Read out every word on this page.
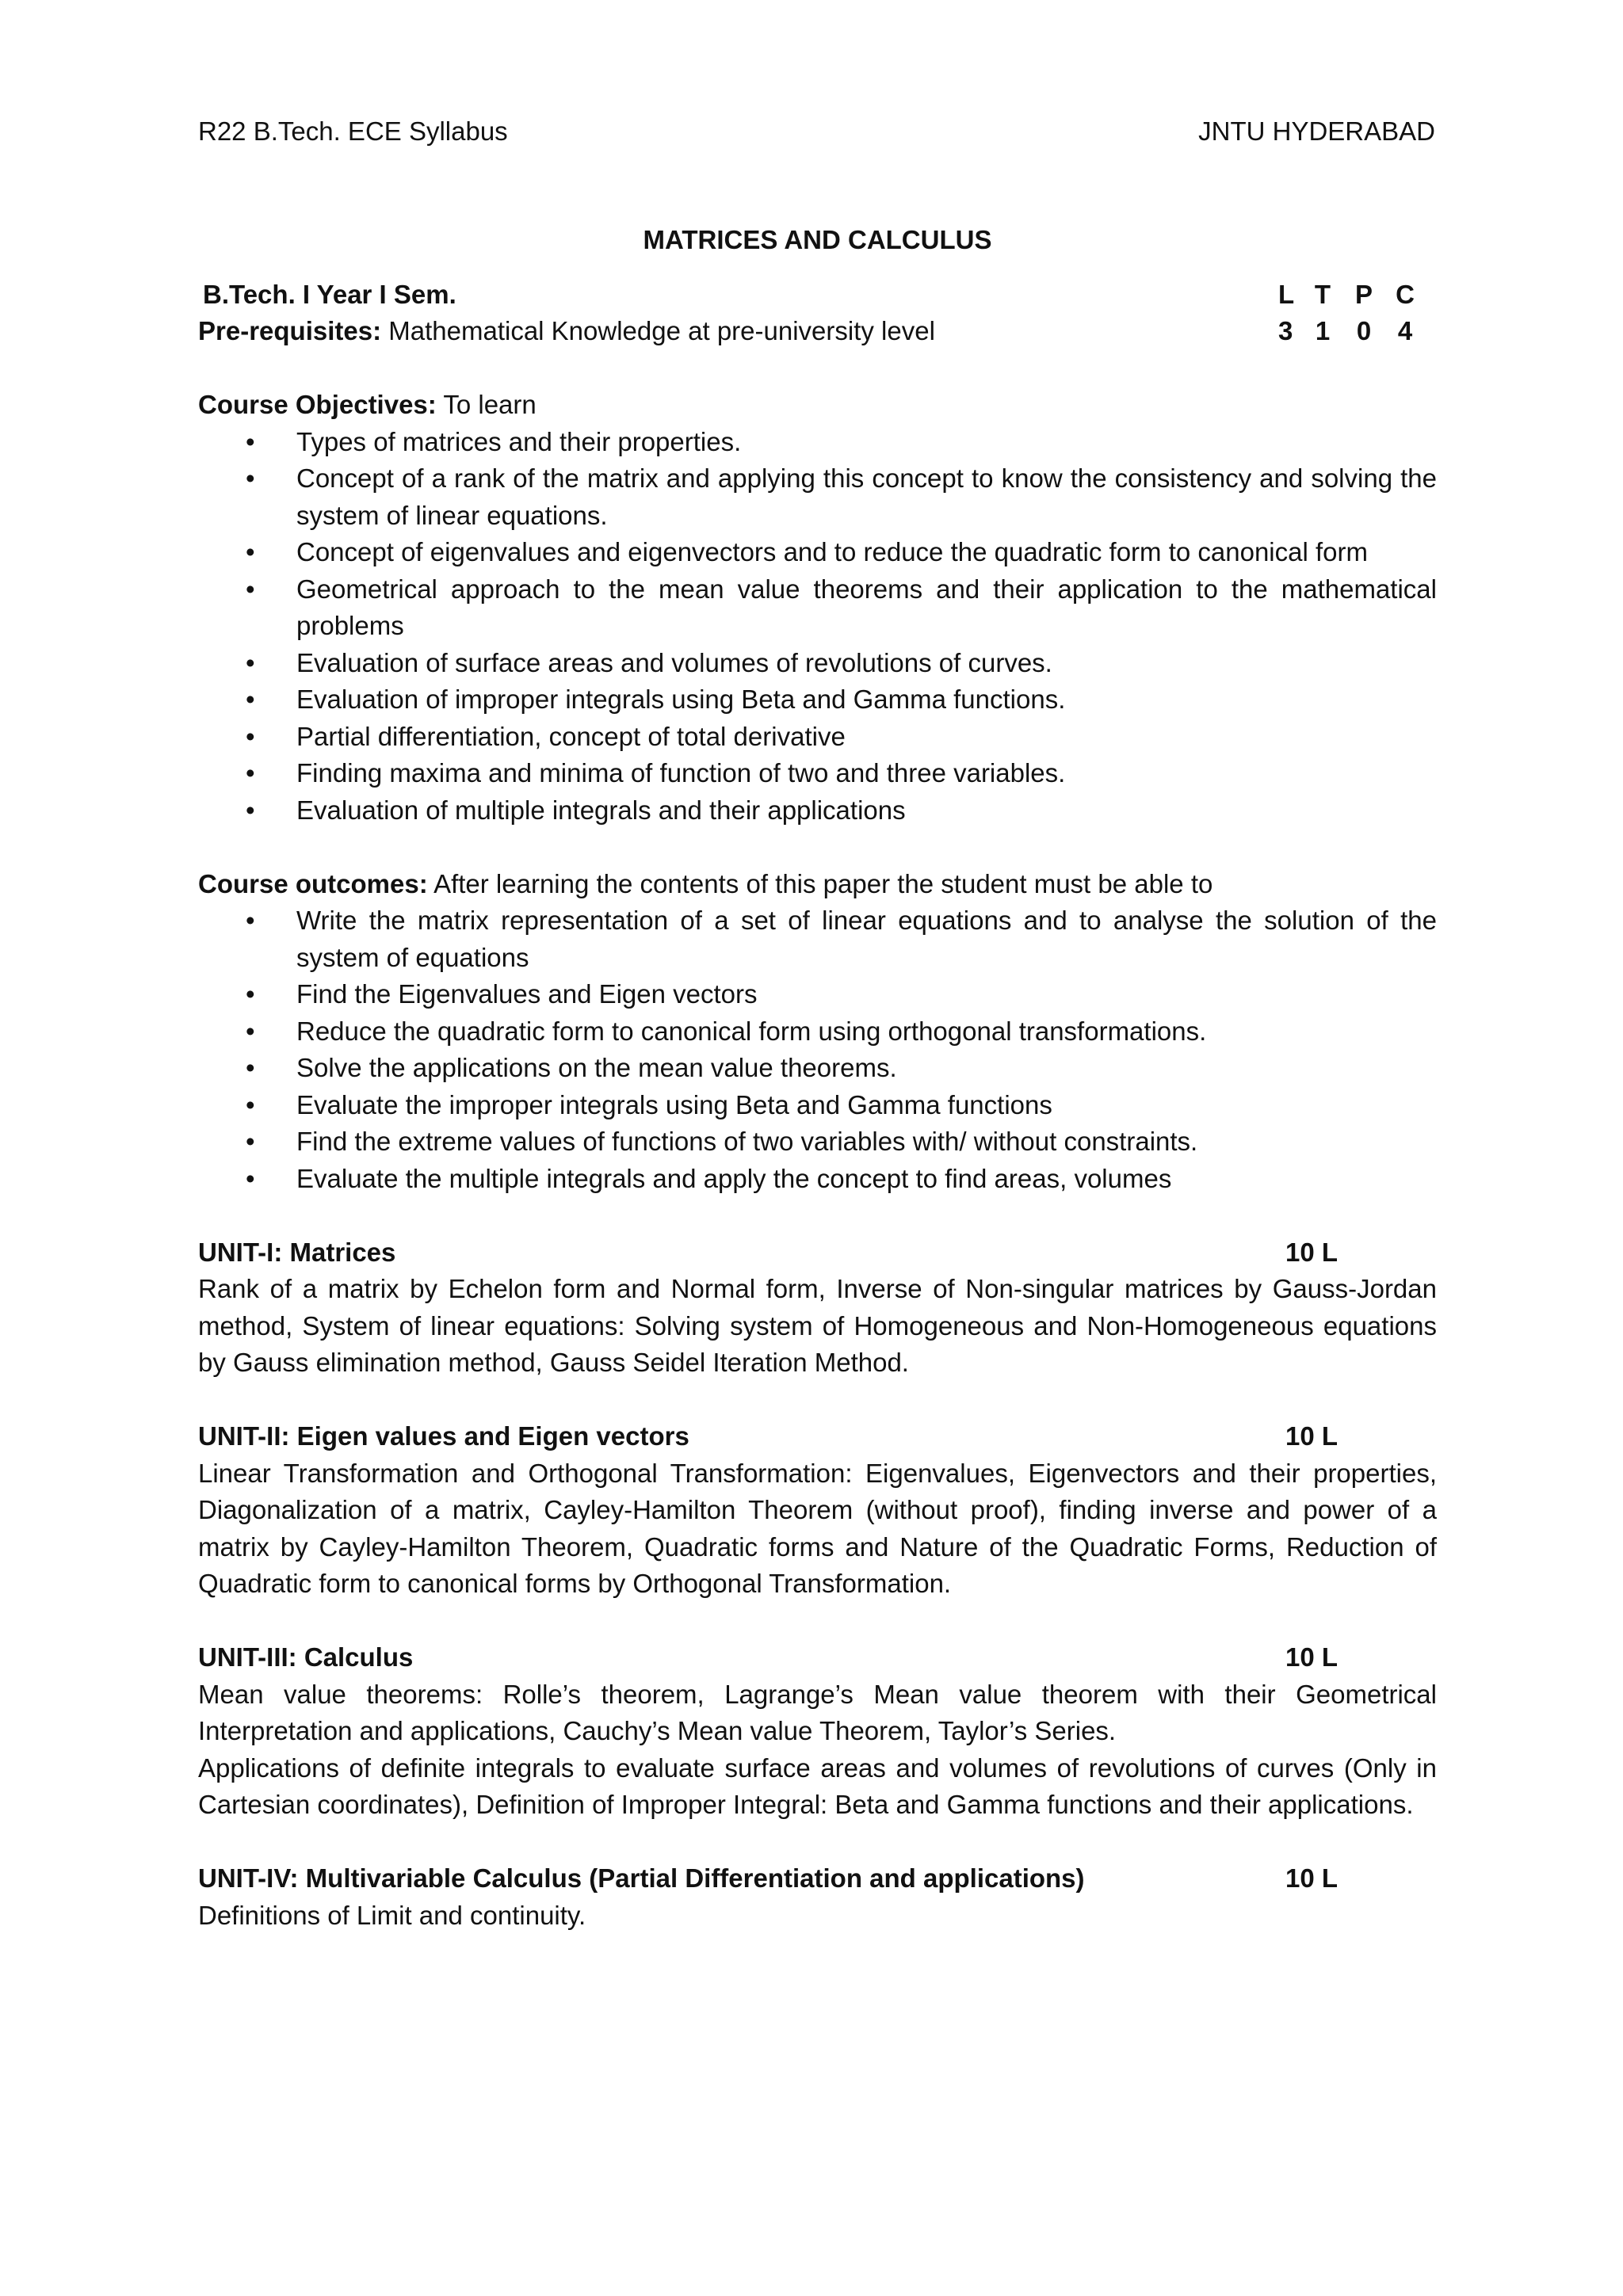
R22 B.Tech. ECE Syllabus	JNTU HYDERABAD
MATRICES AND CALCULUS
B.Tech. I Year I Sem.	L T P C
3 1	0	4
Pre-requisites: Mathematical Knowledge at pre-university level
Course Objectives: To learn
• Types of matrices and their properties.
• Concept of a rank of the matrix and applying this concept to know the consistency and solving the system of linear equations.
• Concept of eigenvalues and eigenvectors and to reduce the quadratic form to canonical form
• Geometrical approach to the mean value theorems and their application to the mathematical problems
• Evaluation of surface areas and volumes of revolutions of curves.
• Evaluation of improper integrals using Beta and Gamma functions.
• Partial differentiation, concept of total derivative
• Finding maxima and minima of function of two and three variables.
• Evaluation of multiple integrals and their applications
Course outcomes: After learning the contents of this paper the student must be able to
• Write the matrix representation of a set of linear equations and to analyse the solution of the system of equations
• Find the Eigenvalues and Eigen vectors
• Reduce the quadratic form to canonical form using orthogonal transformations.
• Solve the applications on the mean value theorems.
• Evaluate the improper integrals using Beta and Gamma functions
• Find the extreme values of functions of two variables with/ without constraints.
• Evaluate the multiple integrals and apply the concept to find areas, volumes
UNIT-I: Matrices	10 L

Rank of a matrix by Echelon form and Normal form, Inverse of Non-singular matrices by Gauss-Jordan method, System of linear equations: Solving system of Homogeneous and Non-Homogeneous equations by Gauss elimination method, Gauss Seidel Iteration Method.

UNIT-II: Eigen values and Eigen vectors	10 L

Linear Transformation and Orthogonal Transformation: Eigenvalues, Eigenvectors and their properties, Diagonalization of a matrix, Cayley-Hamilton Theorem (without proof), finding inverse and power of a matrix by Cayley-Hamilton Theorem, Quadratic forms and Nature of the Quadratic Forms, Reduction of Quadratic form to canonical forms by Orthogonal Transformation.

UNIT-III: Calculus	10 L

Mean value theorems: Rolle’s theorem, Lagrange’s Mean value theorem with their Geometrical Interpretation and applications, Cauchy’s Mean value Theorem, Taylor’s Series.

Applications of definite integrals to evaluate surface areas and volumes of revolutions of curves (Only in Cartesian coordinates), Definition of Improper Integral: Beta and Gamma functions and their applications.

UNIT-IV: Multivariable Calculus (Partial Differentiation and applications)	10 L

Definitions of Limit and continuity.
